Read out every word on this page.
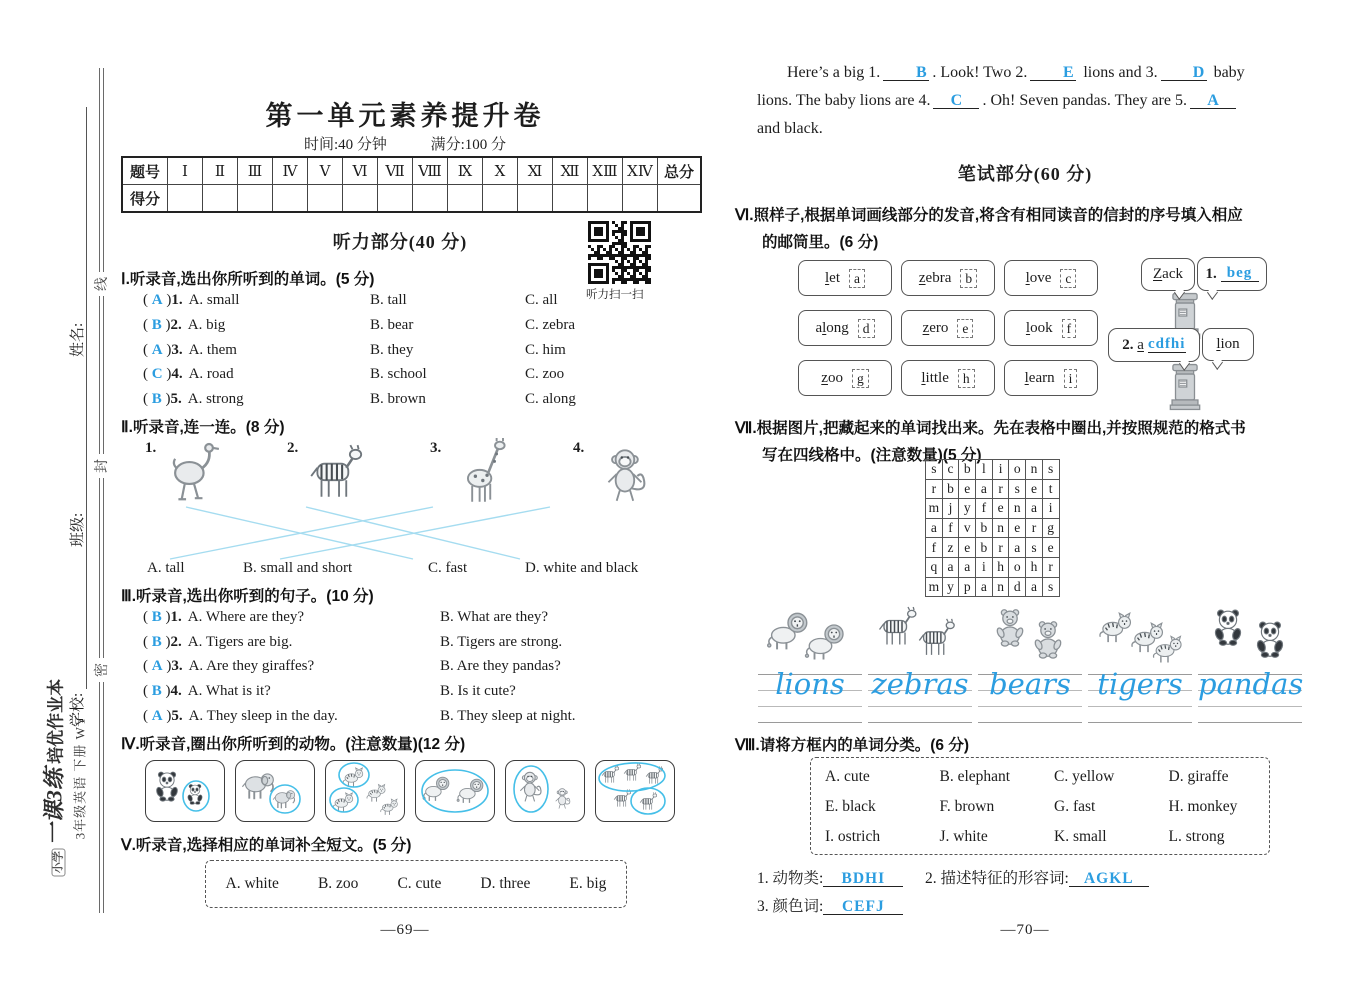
姓名:
班级:
学校:
线
封
密
小学一课3练 培优作业本 3年级英语 下册 WY
第一单元素养提升卷
时间:40 分钟	满分:100 分
题号	Ⅰ	Ⅱ	Ⅲ	Ⅳ	Ⅴ	Ⅵ	Ⅶ	Ⅷ	Ⅸ	Ⅹ	Ⅺ	Ⅻ	ⅩⅢ	ⅩⅣ	总分
得分															
听力扫一扫
听力部分(40 分)
Ⅰ.听录音,选出你所听到的单词。(5 分)
( A )1. A. small	B. tall	C. all
( B )2. A. big	B. bear	C. zebra
( A )3. A. them	B. they	C. him
( C )4. A. road	B. school	C. zoo
( B )5. A. strong	B. brown	C. along
Ⅱ.听录音,连一连。(8 分)
1.	2.	3.	4.
A. tall	B. small and short	C. fast	D. white and black
Ⅲ.听录音,选出你听到的句子。(10 分)
( B )1. A. Where are they?	B. What are they?
( B )2. A. Tigers are big.	B. Tigers are strong.
( A )3. A. Are they giraffes?	B. Are they pandas?
( B )4. A. What is it?	B. Is it cute?
( A )5. A. They sleep in the day.	B. They sleep at night.
Ⅳ.听录音,圈出你所听到的动物。(注意数量)(12 分)
Ⅴ.听录音,选择相应的单词补全短文。(5 分)
A. white	B. zoo	C. cute	D. three	E. big
—69—
Here’s a big 1. B . Look! Two 2. E lions and 3. D baby
lions. The baby lions are 4. C . Oh! Seven pandas. They are 5. A
and black.
笔试部分(60 分)
Ⅵ.照样子,根据单词画线部分的发音,将含有相同读音的信封的序号填入相应
的邮筒里。(6 分)
let	a	zebra	b	love	c
along	d	zero	e	look	f
zoo	g	little	h	learn	i
Zack 1.
beg
2.
a
cdfhi lion
Ⅶ.根据图片,把藏起来的单词找出来。先在表格中圈出,并按照规范的格式书
写在四线格中。(注意数量)(5 分)
s	c	b	l	i	o	n	s
r	b	e	a	r	s	e	t
m	j	y	f	e	n	a	i
a	f	v	b	n	e	r	g
f	z	e	b	r	a	s	e
q	a	a	i	h	o	h	r
m	y	p	a	n	d	a	s
lions zebras bears tigers pandas
Ⅷ.请将方框内的单词分类。(6 分)
A. cute	B. elephant	C. yellow	D. giraffe
E. black	F. brown	G. fast	H. monkey
I. ostrich	J. white	K. small	L. strong
1. 动物类: BDHI	2. 描述特征的形容词: AGKL
3. 颜色词: CEFJ
—70—
